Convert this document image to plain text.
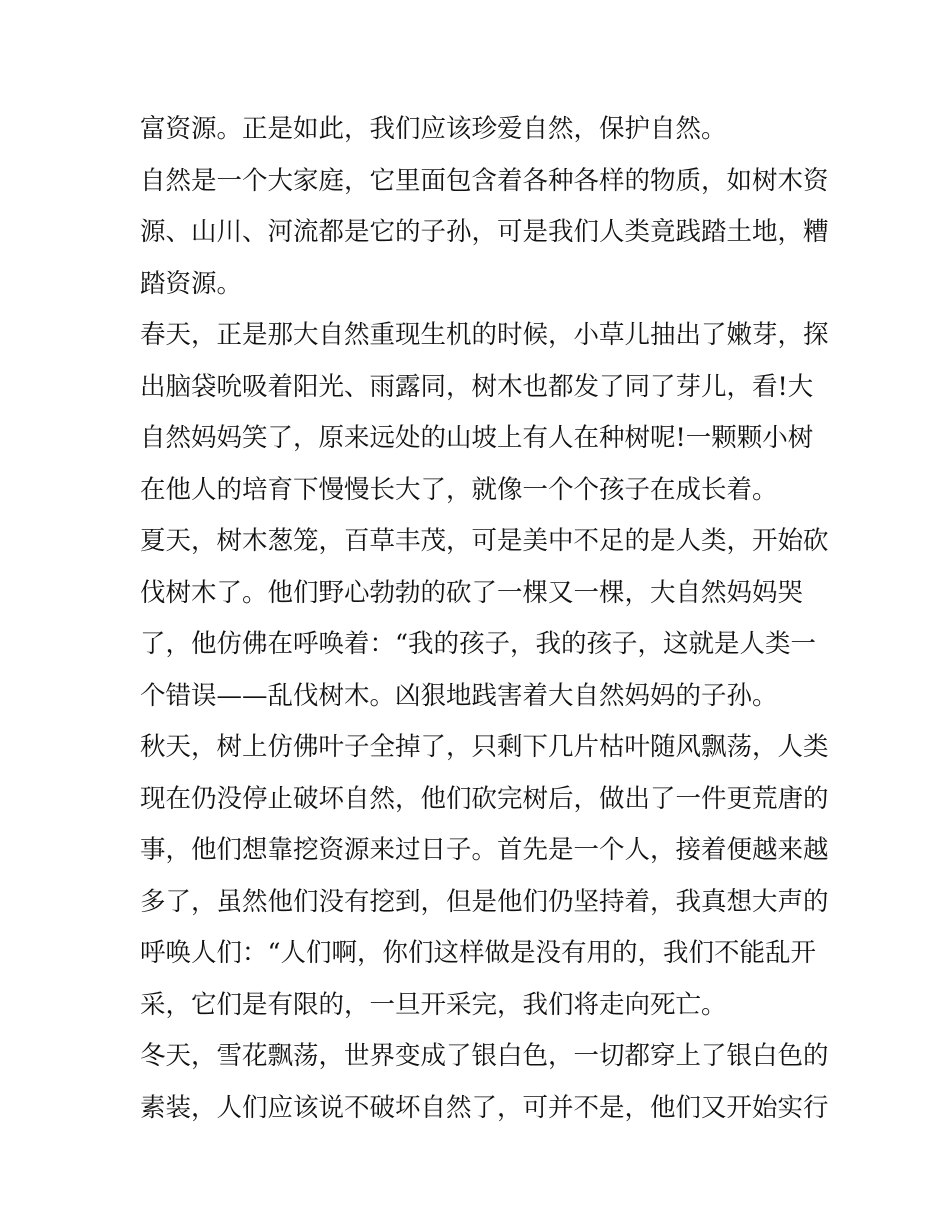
富资源。正是如此，我们应该珍爱自然，保护自然。
自然是一个大家庭，它里面包含着各种各样的物质，如树木资
源、山川、河流都是它的子孙，可是我们人类竟践踏土地，糟
踏资源。
春天，正是那大自然重现生机的时候，小草儿抽出了嫩芽，探
出脑袋吮吸着阳光、雨露同，树木也都发了同了芽儿，看!大
自然妈妈笑了，原来远处的山坡上有人在种树呢!一颗颗小树
在他人的培育下慢慢长大了，就像一个个孩子在成长着。
夏天，树木葱笼，百草丰茂，可是美中不足的是人类，开始砍
伐树木了。他们野心勃勃的砍了一棵又一棵，大自然妈妈哭
了，他仿佛在呼唤着：“我的孩子，我的孩子，这就是人类一
个错误——乱伐树木。凶狠地践害着大自然妈妈的子孙。
秋天，树上仿佛叶子全掉了，只剩下几片枯叶随风飘荡，人类
现在仍没停止破坏自然，他们砍完树后，做出了一件更荒唐的
事，他们想靠挖资源来过日子。首先是一个人，接着便越来越
多了，虽然他们没有挖到，但是他们仍坚持着，我真想大声的
呼唤人们：“人们啊，你们这样做是没有用的，我们不能乱开
采，它们是有限的，一旦开采完，我们将走向死亡。
冬天，雪花飘荡，世界变成了银白色，一切都穿上了银白色的
素装，人们应该说不破坏自然了，可并不是，他们又开始实行
